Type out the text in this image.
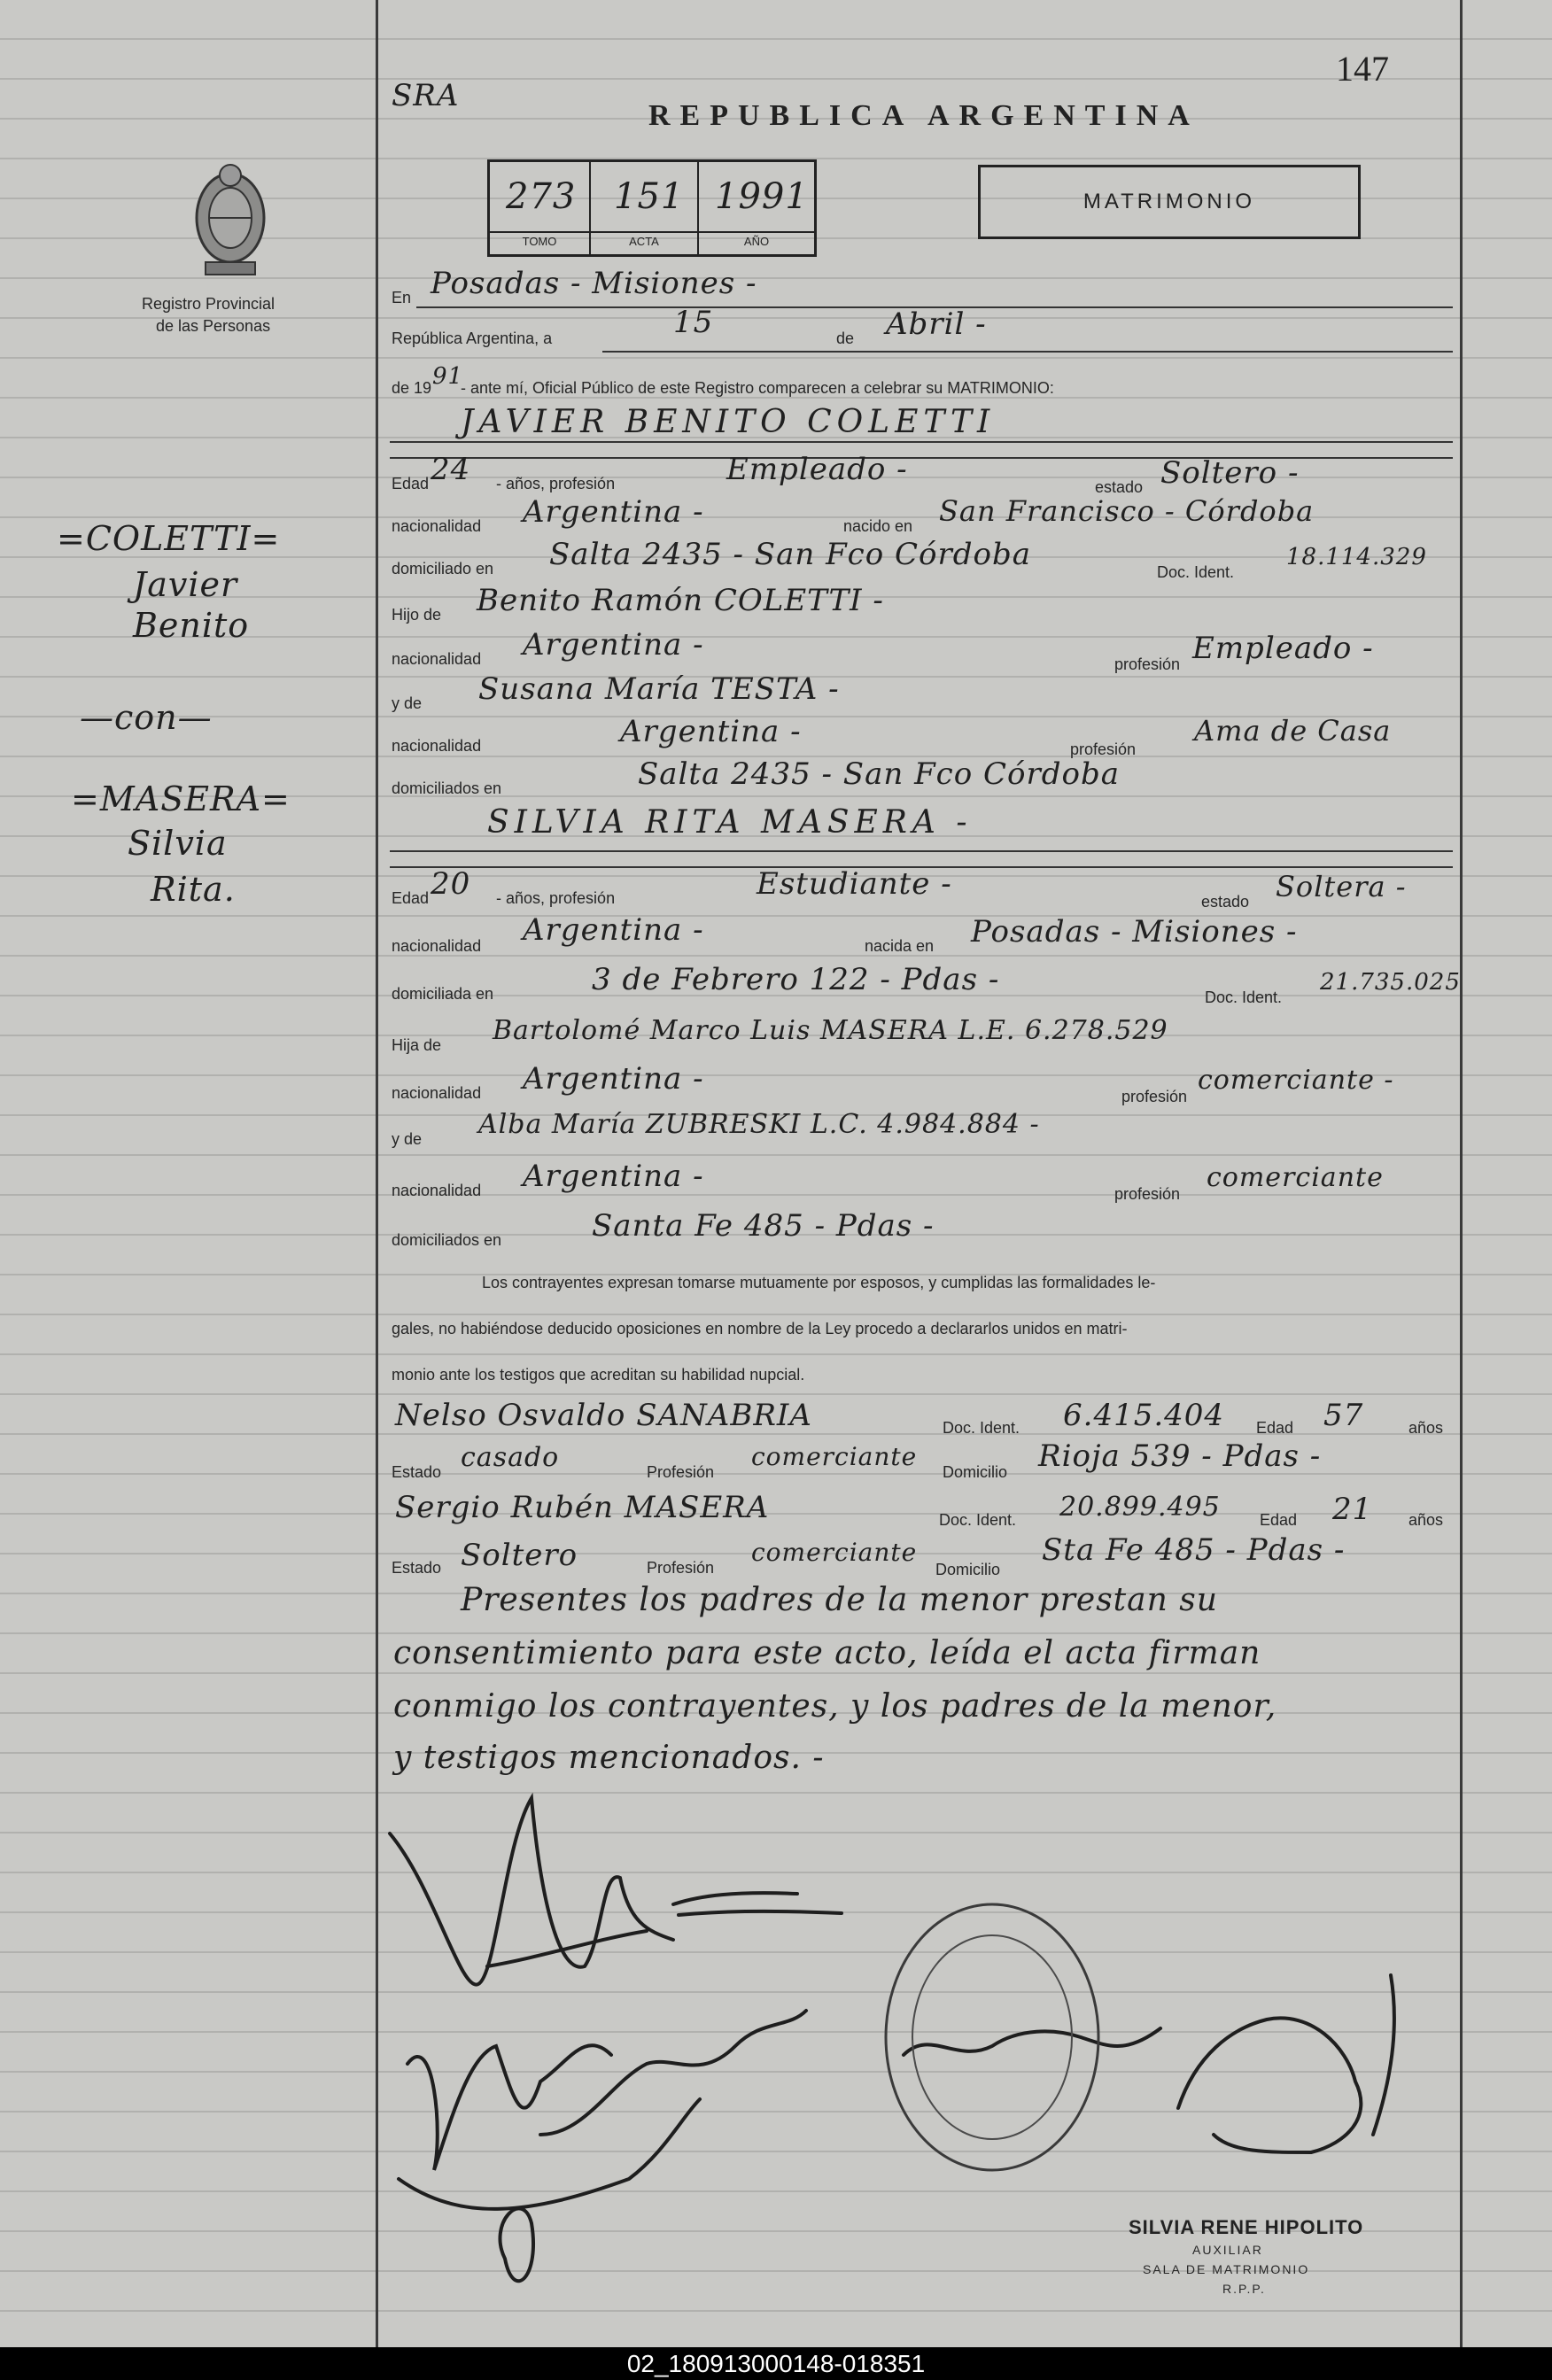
SRA
147
REPUBLICA ARGENTINA
273 151 1991
TOMO	ACTA	AÑO
MATRIMONIO
Registro Provincial
de las Personas
=COLETTI=
Javier
Benito
—con—
=MASERA=
Silvia
Rita.
En Posadas - Misiones -
República Argentina, a	15	de Abril -
de 19 91
- ante mí, Oficial Público de este Registro comparecen a celebrar su MATRIMONIO:
JAVIER BENITO COLETTI
Edad 24 - años, profesión	Empleado -	estado Soltero -
nacionalidad Argentina -	nacido en San Francisco - Córdoba
domiciliado en Salta 2435 - San Fco Córdoba	Doc. Ident.
18.114.329
Hijo de Benito Ramón COLETTI -
nacionalidad Argentina -
profesión Empleado -
y de Susana María TESTA -
nacionalidad	Argentina -	profesión
Ama de Casa
domiciliados en	Salta 2435 - San Fco Córdoba
SILVIA RITA MASERA -
Edad 20 - años, profesión	Estudiante -	estado Soltera -
nacionalidad Argentina -	nacida en Posadas - Misiones -
domiciliada en	3 de Febrero 122 - Pdas -	Doc. Ident.
21.735.025
Hija de Bartolomé Marco Luis MASERA L.E. 6.278.529
nacionalidad Argentina -	profesión
comerciante -
y de Alba María ZUBRESKI L.C. 4.984.884 -
nacionalidad Argentina -	profesión
comerciante
domiciliados en	Santa Fe 485 - Pdas -
Los contrayentes expresan tomarse mutuamente por esposos, y cumplidas las formalidades le-
gales, no habiéndose deducido oposiciones en nombre de la Ley procedo a declararlos unidos en matri-
monio ante los testigos que acreditan su habilidad nupcial.
Nelso Osvaldo SANABRIA	Doc. Ident. 6.415.404 Edad 57	años
Estado casado	Profesión
comerciante
Domicilio Rioja 539 - Pdas -
Sergio Rubén MASERA	Doc. Ident. 20.899.495 Edad 21 años
Estado Soltero	Profesión
comerciante
Domicilio
Sta Fe 485 - Pdas -
Presentes los padres de la menor prestan su
consentimiento para este acto, leída el acta firman
conmigo los contrayentes, y los padres de la menor,
y testigos mencionados. -
SILVIA RENE HIPOLITO
AUXILIAR
SALA DE MATRIMONIO
R.P.P.
02_180913000148-018351
